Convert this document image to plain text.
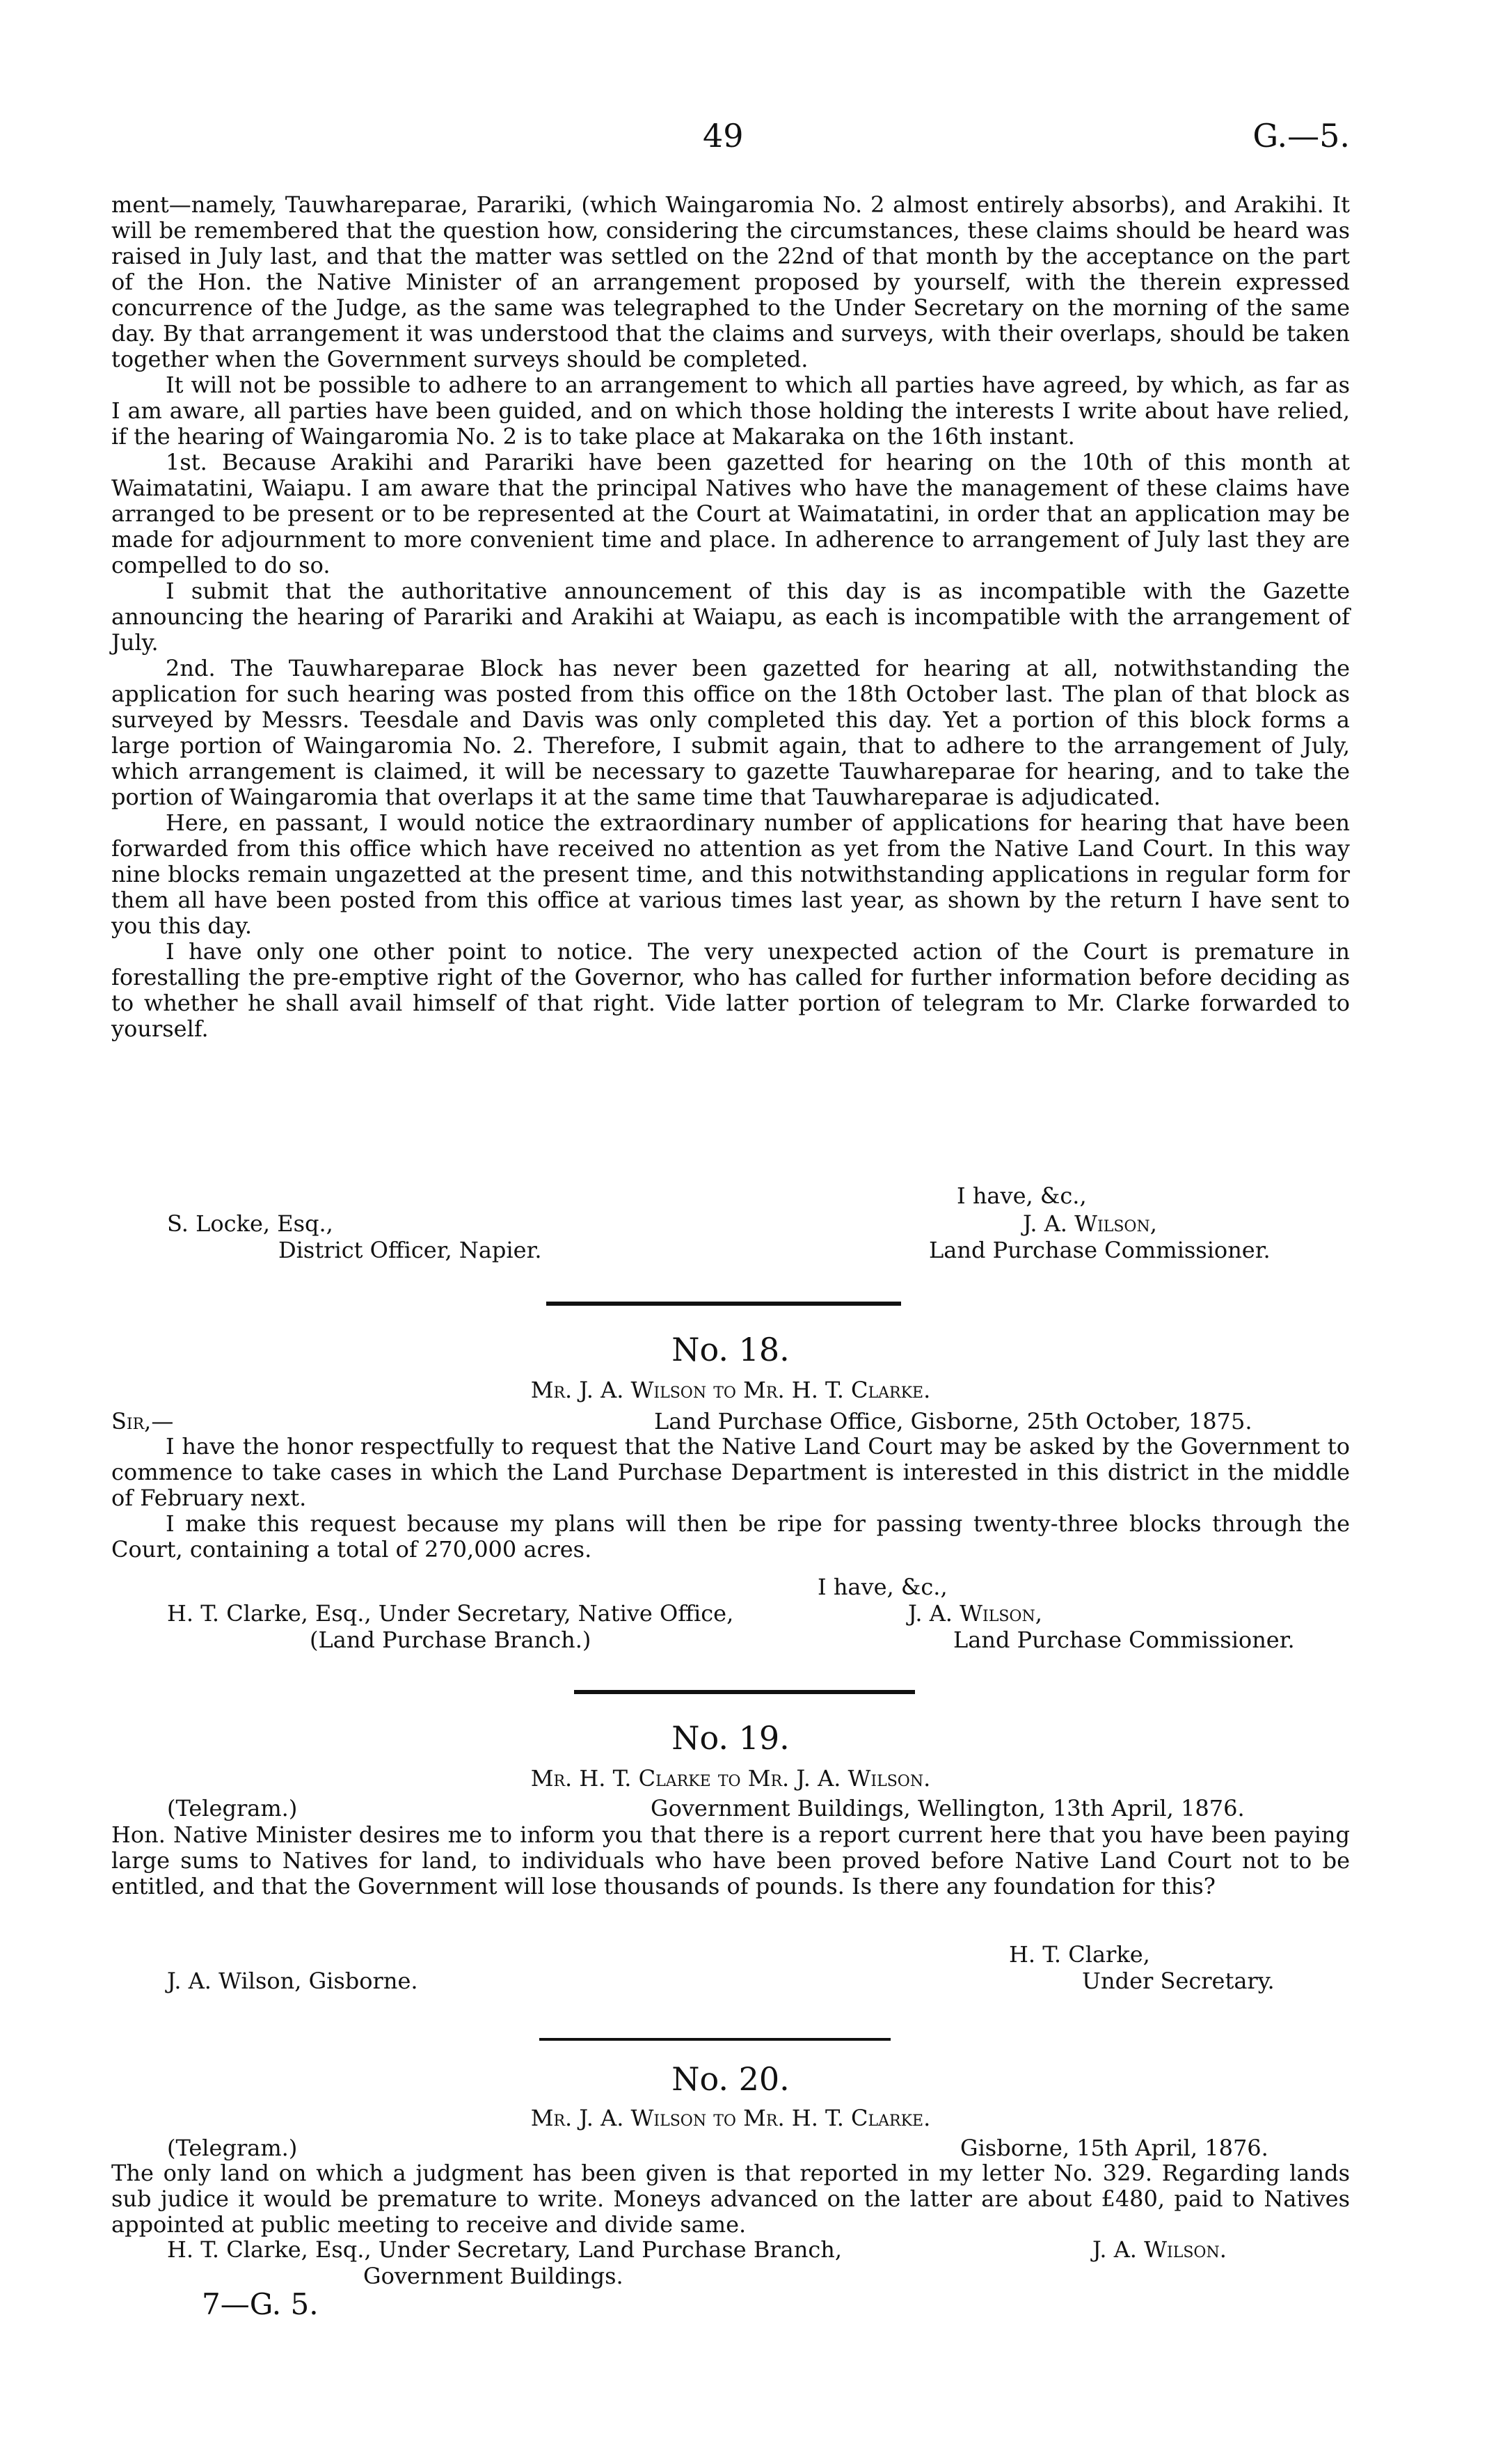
49	G.—5.

ment—namely, Tauwhareparae, Parariki, (which Waingaromia No. 2 almost entirely absorbs), and Arakihi. It will be remembered that the question how, considering the circumstances, these claims should be heard was raised in July last, and that the matter was settled on the 22nd of that month by the acceptance on the part of the Hon. the Native Minister of an arrangement proposed by yourself, with the therein expressed concurrence of the Judge, as the same was telegraphed to the Under Secretary on the morning of the same day. By that arrangement it was understood that the claims and surveys, with their overlaps, should be taken together when the Government surveys should be completed.

It will not be possible to adhere to an arrangement to which all parties have agreed, by which, as far as I am aware, all parties have been guided, and on which those holding the interests I write about have relied, if the hearing of Waingaromia No. 2 is to take place at Makaraka on the 16th instant.

1st. Because Arakihi and Parariki have been gazetted for hearing on the 10th of this month at Waimatatini, Waiapu. I am aware that the principal Natives who have the management of these claims have arranged to be present or to be represented at the Court at Waimatatini, in order that an application may be made for adjournment to more convenient time and place. In adherence to arrangement of July last they are compelled to do so.

I submit that the authoritative announcement of this day is as incompatible with the Gazette announcing the hearing of Parariki and Arakihi at Waiapu, as each is incompatible with the arrangement of July.

2nd. The Tauwhareparae Block has never been gazetted for hearing at all, notwithstanding the application for such hearing was posted from this office on the 18th October last. The plan of that block as surveyed by Messrs. Teesdale and Davis was only completed this day. Yet a portion of this block forms a large portion of Waingaromia No. 2. Therefore, I submit again, that to adhere to the arrangement of July, which arrangement is claimed, it will be necessary to gazette Tauwhareparae for hearing, and to take the portion of Waingaromia that overlaps it at the same time that Tauwhareparae is adjudicated.

Here, en passant, I would notice the extraordinary number of applications for hearing that have been forwarded from this office which have received no attention as yet from the Native Land Court. In this way nine blocks remain ungazetted at the present time, and this notwithstanding applications in regular form for them all have been posted from this office at various times last year, as shown by the return I have sent to you this day.

I have only one other point to notice. The very unexpected action of the Court is premature in forestalling the pre-emptive right of the Governor, who has called for further information before deciding as to whether he shall avail himself of that right. Vide latter portion of telegram to Mr. Clarke forwarded to yourself.

I have, &c.,
J. A. Wilson,
Land Purchase Commissioner.
S. Locke, Esq.,
District Officer, Napier.
No. 18.
Mr. J. A. Wilson to Mr. H. T. Clarke.
Sir,—	Land Purchase Office, Gisborne, 25th October, 1875.

I have the honor respectfully to request that the Native Land Court may be asked by the Government to commence to take cases in which the Land Purchase Department is interested in this district in the middle of February next.

I make this request because my plans will then be ripe for passing twenty-three blocks through the Court, containing a total of 270,000 acres.

I have, &c.,
H. T. Clarke, Esq., Under Secretary, Native Office,	J. A. Wilson,
(Land Purchase Branch.)	Land Purchase Commissioner.
No. 19.
Mr. H. T. Clarke to Mr. J. A. Wilson.
(Telegram.)	Government Buildings, Wellington, 13th April, 1876.

Hon. Native Minister desires me to inform you that there is a report current here that you have been paying large sums to Natives for land, to individuals who have been proved before Native Land Court not to be entitled, and that the Government will lose thousands of pounds. Is there any foundation for this?

H. T. Clarke,
Under Secretary.
J. A. Wilson, Gisborne.
No. 20.
Mr. J. A. Wilson to Mr. H. T. Clarke.
(Telegram.)	Gisborne, 15th April, 1876.

The only land on which a judgment has been given is that reported in my letter No. 329. Regarding lands sub judice it would be premature to write. Moneys advanced on the latter are about £480, paid to Natives appointed at public meeting to receive and divide same.

H. T. Clarke, Esq., Under Secretary, Land Purchase Branch,	J. A. Wilson.
Government Buildings.
7—G. 5.
